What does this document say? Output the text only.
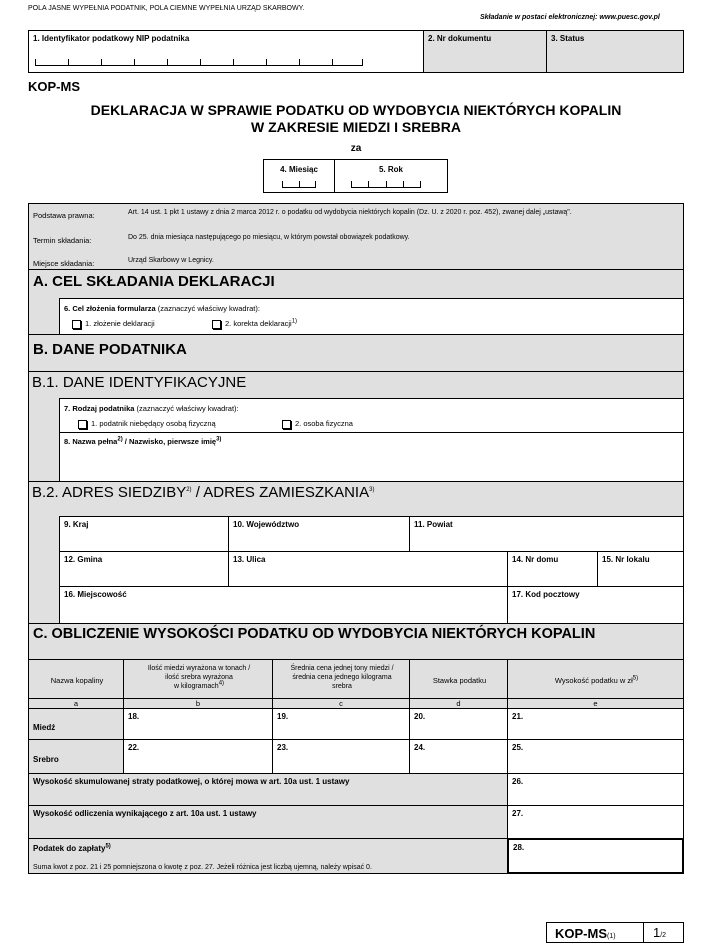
POLA JASNE WYPEŁNIA PODATNIK, POLA CIEMNE WYPEŁNIA URZĄD SKARBOWY.
Składanie w postaci elektronicznej: www.puesc.gov.pl
1. Identyfikator podatkowy NIP podatnika	2. Nr dokumentu	3. Status
KOP-MS
DEKLARACJA W SPRAWIE PODATKU OD WYDOBYCIA NIEKTÓRYCH KOPALIN
W ZAKRESIE MIEDZI I SREBRA
za
4. Miesiąc	5. Rok
Podstawa prawna:	Art. 14 ust. 1 pkt 1 ustawy z dnia 2 marca 2012 r. o podatku od wydobycia niektórych kopalin (Dz. U. z 2020 r. poz. 452), zwanej dalej „ustawą".
Termin składania:	Do 25. dnia miesiąca następującego po miesiącu, w którym powstał obowiązek podatkowy.
Miejsce składania:	Urząd Skarbowy w Legnicy.
A. CEL SKŁADANIA DEKLARACJI
6. Cel złożenia formularza (zaznaczyć właściwy kwadrat):
1. złożenie deklaracji	2. korekta deklaracji$^{1)}$
B. DANE PODATNIKA
B.1. DANE IDENTYFIKACYJNE
7. Rodzaj podatnika (zaznaczyć właściwy kwadrat):
1. podatnik niebędący osobą fizyczną	2. osoba fizyczna
8. Nazwa pełna$^{2)}$ / Nazwisko, pierwsze imię$^{3)}$
B.2. ADRES SIEDZIBY$^{2)}$ / ADRES ZAMIESZKANIA$^{3)}$
9. Kraj	10. Województwo	11. Powiat
12. Gmina	13. Ulica	14. Nr domu	15. Nr lokalu
16. Miejscowość	17. Kod pocztowy
C. OBLICZENIE WYSOKOŚCI PODATKU OD WYDOBYCIA NIEKTÓRYCH KOPALIN
Nazwa kopaliny
Ilość miedzi wyrażona w tonach /
ilość srebra wyrażona
w kilogramach$^{4)}$
Średnia cena jednej tony miedzi /
średnia cena jednego kilograma
srebra
Stawka podatku	Wysokość podatku w $zł^{5)}$
a	b	c	d	e
Miedź
18.	19.	20.	21.
Srebro
22.	23.	24.	25.
Wysokość skumulowanej straty podatkowej, o której mowa w art. 10a ust. 1 ustawy	26.
Wysokość odliczenia wynikającego z art. 10a ust. 1 ustawy	27.
Podatek do zapłaty$^{5)}$
Suma kwot z poz. 21 i 25 pomniejszona o kwotę z poz. 27. Jeżeli różnica jest liczbą ujemną, należy wpisać 0.
28.
KOP-MS(1)	1/2
